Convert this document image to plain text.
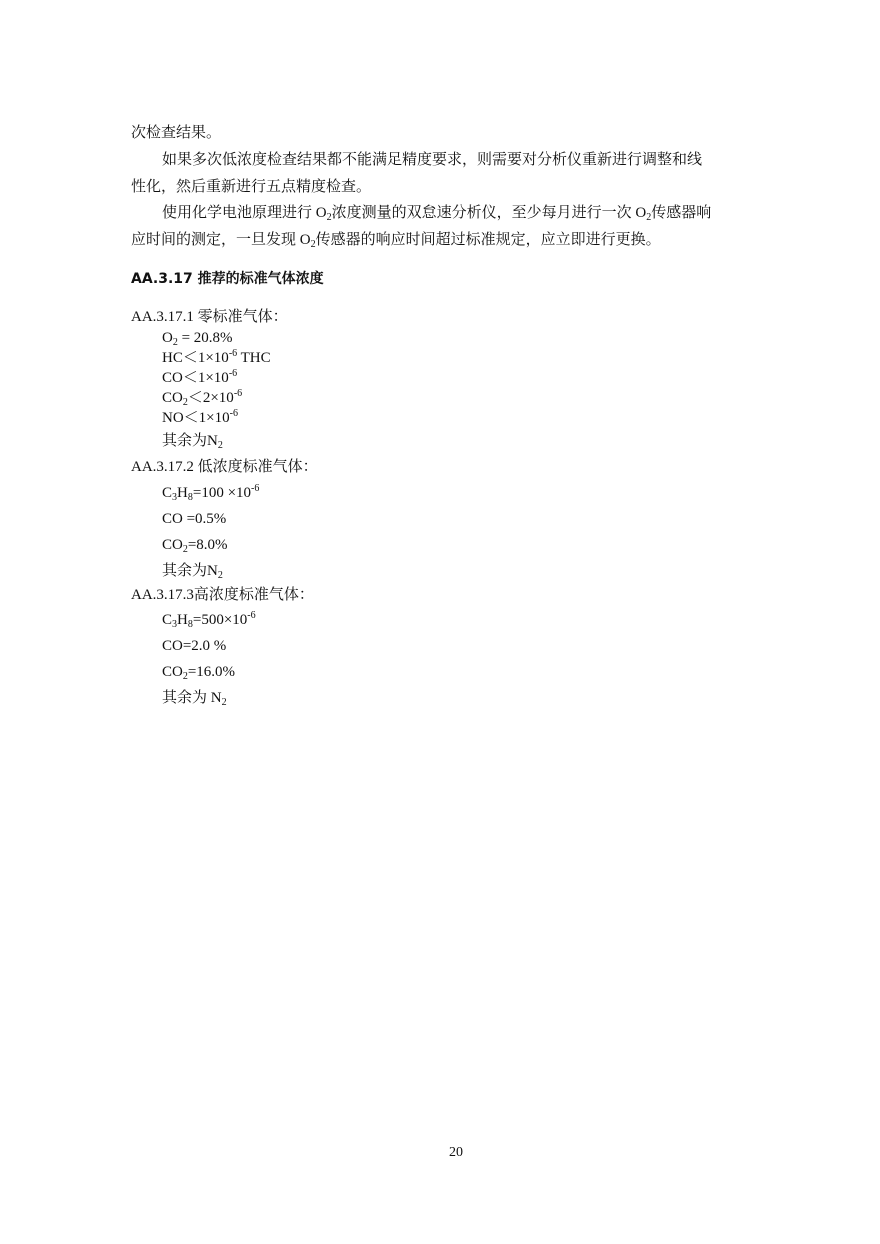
次检查结果。
如果多次低浓度检查结果都不能满足精度要求，则需要对分析仪重新进行调整和线
性化，然后重新进行五点精度检查。
使用化学电池原理进行 $O_2$浓度测量的双怠速分析仪，至少每月进行一次 $O_2$传感器响
应时间的测定，一旦发现 $O_2$传感器的响应时间超过标准规定，应立即进行更换。
AA.3.17 推荐的标准气体浓度
AA.3.17.1 零标准气体：
$O_2 = 20.8\%$
$HC<1\times 10^{-6}$ THC
$CO<1\times 10^{-6}$
$CO_2<2\times 10^{-6}$
$NO<1\times 10^{-6}$
其余为$N_2$
AA.3.17.2 低浓度标准气体：
$C_3H_8=100 \times 10^{-6}$
CO =0.5%
$CO_2=8.0\%$
其余为$N_2$
AA.3.17.3高浓度标准气体：
$C_3H_8=500\times 10^{-6}$
CO=2.0 %
$CO_2=16.0\%$
其余为 $N_2$
20
